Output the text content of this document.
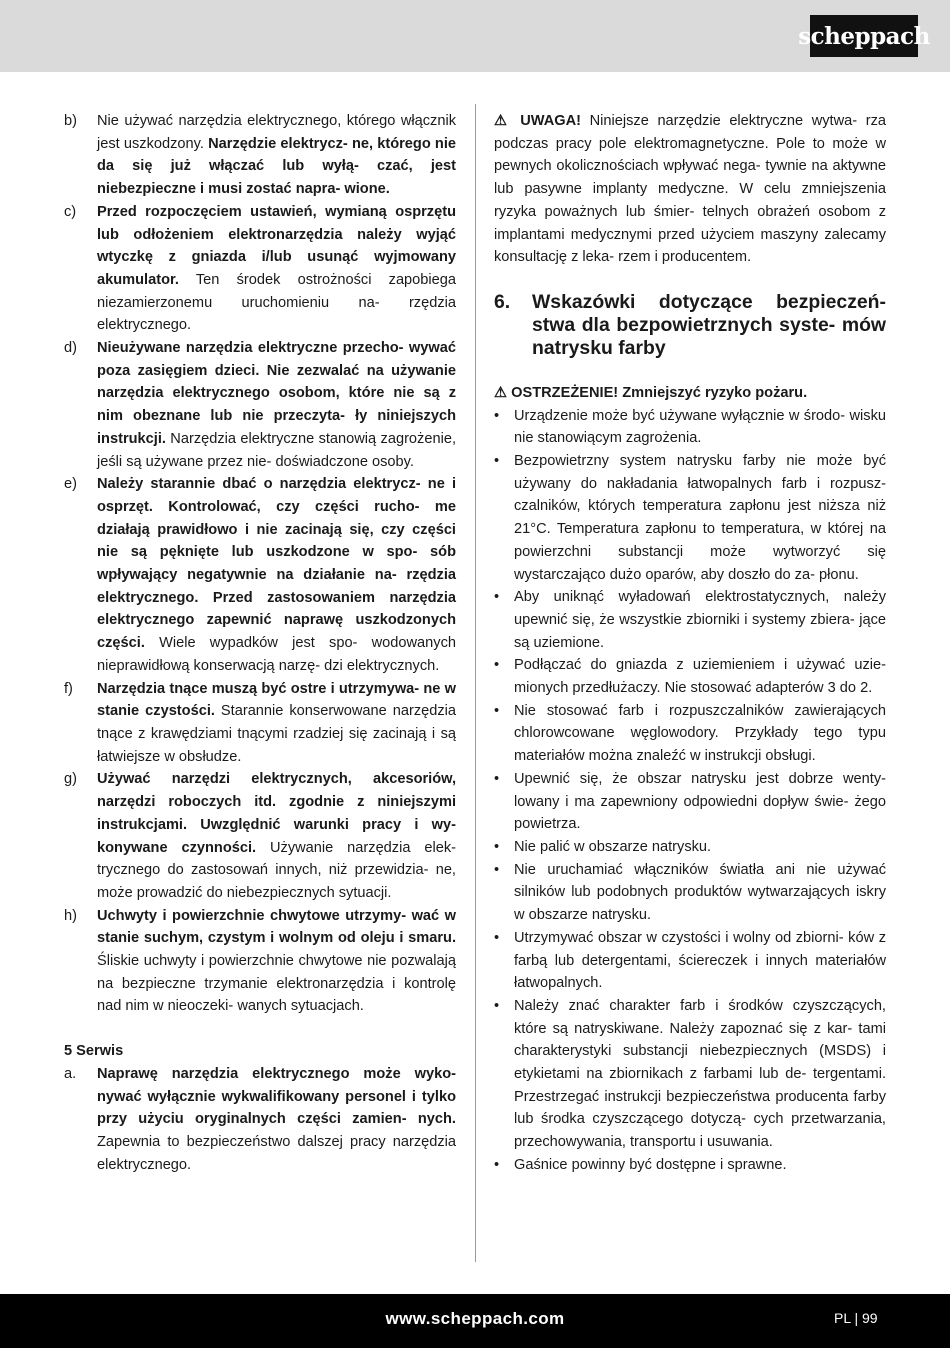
scheppach
b)	Nie używać narzędzia elektrycznego, którego włącznik jest uszkodzony. Narzędzie elektrycz- ne, którego nie da się już włączać lub wyłą- czać, jest niebezpieczne i musi zostać napra- wione.
c)	Przed rozpoczęciem ustawień, wymianą osprzętu lub odłożeniem elektronarzędzia należy wyjąć wtyczkę z gniazda i/lub usunąć wyjmowany akumulator. Ten środek ostrożności zapobiega niezamierzonemu uruchomieniu na- rzędzia elektrycznego.
d)	Nieużywane narzędzia elektryczne przecho- wywać poza zasięgiem dzieci. Nie zezwalać na używanie narzędzia elektrycznego osobom, które nie są z nim obeznane lub nie przeczyta- ły niniejszych instrukcji. Narzędzia elektryczne stanowią zagrożenie, jeśli są używane przez nie- doświadczone osoby.
e)	Należy starannie dbać o narzędzia elektrycz- ne i osprzęt. Kontrolować, czy części rucho- me działają prawidłowo i nie zacinają się, czy części nie są pęknięte lub uszkodzone w spo- sób wpływający negatywnie na działanie na- rzędzia elektrycznego. Przed zastosowaniem narzędzia elektrycznego zapewnić naprawę uszkodzonych części. Wiele wypadków jest spo- wodowanych nieprawidłową konserwacją narzę- dzi elektrycznych.
f)	Narzędzia tnące muszą być ostre i utrzymywa- ne w stanie czystości. Starannie konserwowane narzędzia tnące z krawędziami tnącymi rzadziej się zacinają i są łatwiejsze w obsłudze.
g)	Używać narzędzi elektrycznych, akcesoriów, narzędzi roboczych itd. zgodnie z niniejszymi instrukcjami. Uwzględnić warunki pracy i wy- konywane czynności. Używanie narzędzia elek- trycznego do zastosowań innych, niż przewidzia- ne, może prowadzić do niebezpiecznych sytuacji.
h)	Uchwyty i powierzchnie chwytowe utrzymy- wać w stanie suchym, czystym i wolnym od oleju i smaru. Śliskie uchwyty i powierzchnie chwytowe nie pozwalają na bezpieczne trzymanie elektronarzędzia i kontrolę nad nim w nieoczeki- wanych sytuacjach.
5 Serwis
a.	Naprawę narzędzia elektrycznego może wyko- nywać wyłącznie wykwalifikowany personel i tylko przy użyciu oryginalnych części zamien- nych. Zapewnia to bezpieczeństwo dalszej pracy narzędzia elektrycznego.
⚠ UWAGA! Niniejsze narzędzie elektryczne wytwa- rza podczas pracy pole elektromagnetyczne. Pole to może w pewnych okolicznościach wpływać nega- tywnie na aktywne lub pasywne implanty medyczne. W celu zmniejszenia ryzyka poważnych lub śmier- telnych obrażeń osobom z implantami medycznymi przed użyciem maszyny zalecamy konsultację z leka- rzem i producentem.
6.	Wskazówki dotyczące bezpieczeń- stwa dla bezpowietrznych syste- mów natrysku farby
⚠ OSTRZEŻENIE! Zmniejszyć ryzyko pożaru.
•	Urządzenie może być używane wyłącznie w środo- wisku nie stanowiącym zagrożenia.
•	Bezpowietrzny system natrysku farby nie może być używany do nakładania łatwopalnych farb i rozpusz- czalników, których temperatura zapłonu jest niższa niż 21°C. Temperatura zapłonu to temperatura, w której na powierzchni substancji może wytworzyć się wystarczająco dużo oparów, aby doszło do za- płonu.
•	Aby uniknąć wyładowań elektrostatycznych, należy upewnić się, że wszystkie zbiorniki i systemy zbiera- jące są uziemione.
•	Podłączać do gniazda z uziemieniem i używać uzie- mionych przedłużaczy. Nie stosować adapterów 3 do 2.
•	Nie stosować farb i rozpuszczalników zawierających chlorowcowane węglowodory. Przykłady tego typu materiałów można znaleźć w instrukcji obsługi.
•	Upewnić się, że obszar natrysku jest dobrze wenty- lowany i ma zapewniony odpowiedni dopływ świe- żego powietrza.
•	Nie palić w obszarze natrysku.
•	Nie uruchamiać włączników światła ani nie używać silników lub podobnych produktów wytwarzających iskry w obszarze natrysku.
•	Utrzymywać obszar w czystości i wolny od zbiorni- ków z farbą lub detergentami, ściereczek i innych materiałów łatwopalnych.
•	Należy znać charakter farb i środków czyszczących, które są natryskiwane. Należy zapoznać się z kar- tami charakterystyki substancji niebezpiecznych (MSDS) i etykietami na zbiornikach z farbami lub de- tergentami. Przestrzegać instrukcji bezpieczeństwa producenta farby lub środka czyszczącego dotyczą- cych przetwarzania, przechowywania, transportu i usuwania.
•	Gaśnice powinny być dostępne i sprawne.
www.scheppach.com	PL | 99
